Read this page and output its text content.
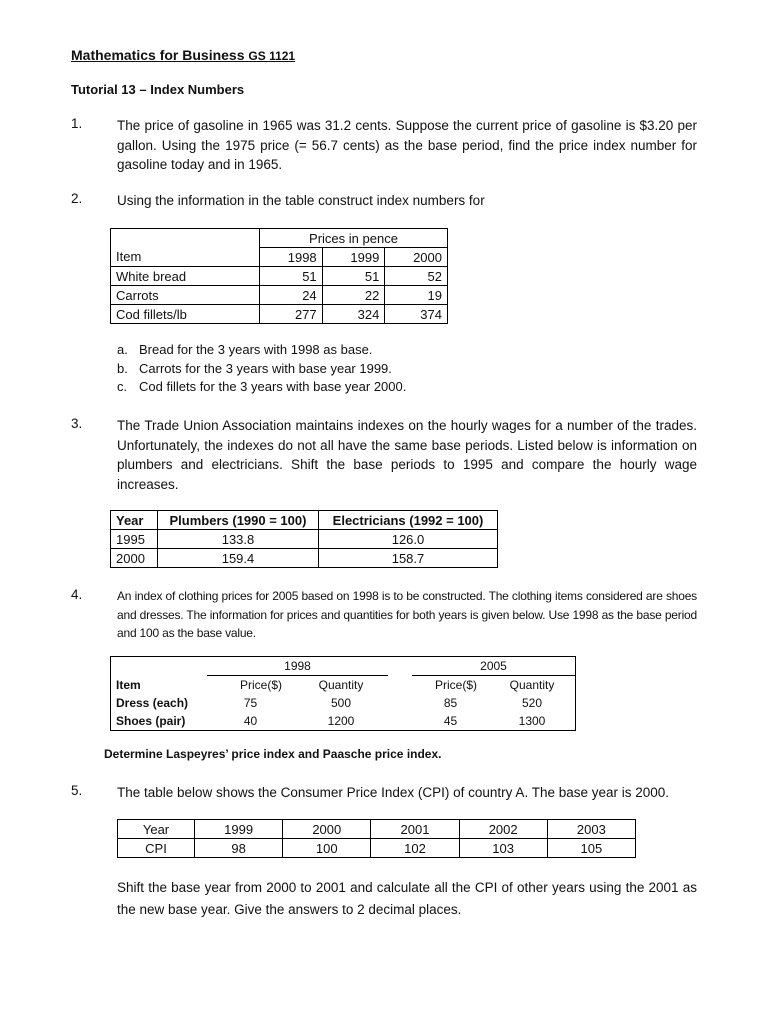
Mathematics for Business GS 1121
Tutorial 13 – Index Numbers
1.	The price of gasoline in 1965 was 31.2 cents. Suppose the current price of gasoline is $3.20 per gallon. Using the 1975 price (= 56.7 cents) as the base period, find the price index number for gasoline today and in 1965.
2.	Using the information in the table construct index numbers for
	Prices in pence		
Item	1998	1999	2000
White bread	51	51	52
Carrots	24	22	19
Cod fillets/lb	277	324	374
a. Bread for the 3 years with 1998 as base.
b. Carrots for the 3 years with base year 1999.
c. Cod fillets for the 3 years with base year 2000.
3.	The Trade Union Association maintains indexes on the hourly wages for a number of the trades. Unfortunately, the indexes do not all have the same base periods. Listed below is information on plumbers and electricians. Shift the base periods to 1995 and compare the hourly wage increases.
Year	Plumbers (1990 = 100)	Electricians (1992 = 100)
1995	133.8	126.0
2000	159.4	158.7
4.	An index of clothing prices for 2005 based on 1998 is to be constructed. The clothing items considered are shoes and dresses. The information for prices and quantities for both years is given below. Use 1998 as the base period and 100 as the base value.
	1998			2005	
Item	Price($)	Quantity		Price($)	Quantity
Dress (each)	75	500		85	520
Shoes (pair)	40	1200		45	1300
Determine Laspeyres’ price index and Paasche price index.
5.	The table below shows the Consumer Price Index (CPI) of country A. The base year is 2000.
Year	1999	2000	2001	2002	2003
CPI	98	100	102	103	105
Shift the base year from 2000 to 2001 and calculate all the CPI of other years using the 2001 as the new base year. Give the answers to 2 decimal places.
